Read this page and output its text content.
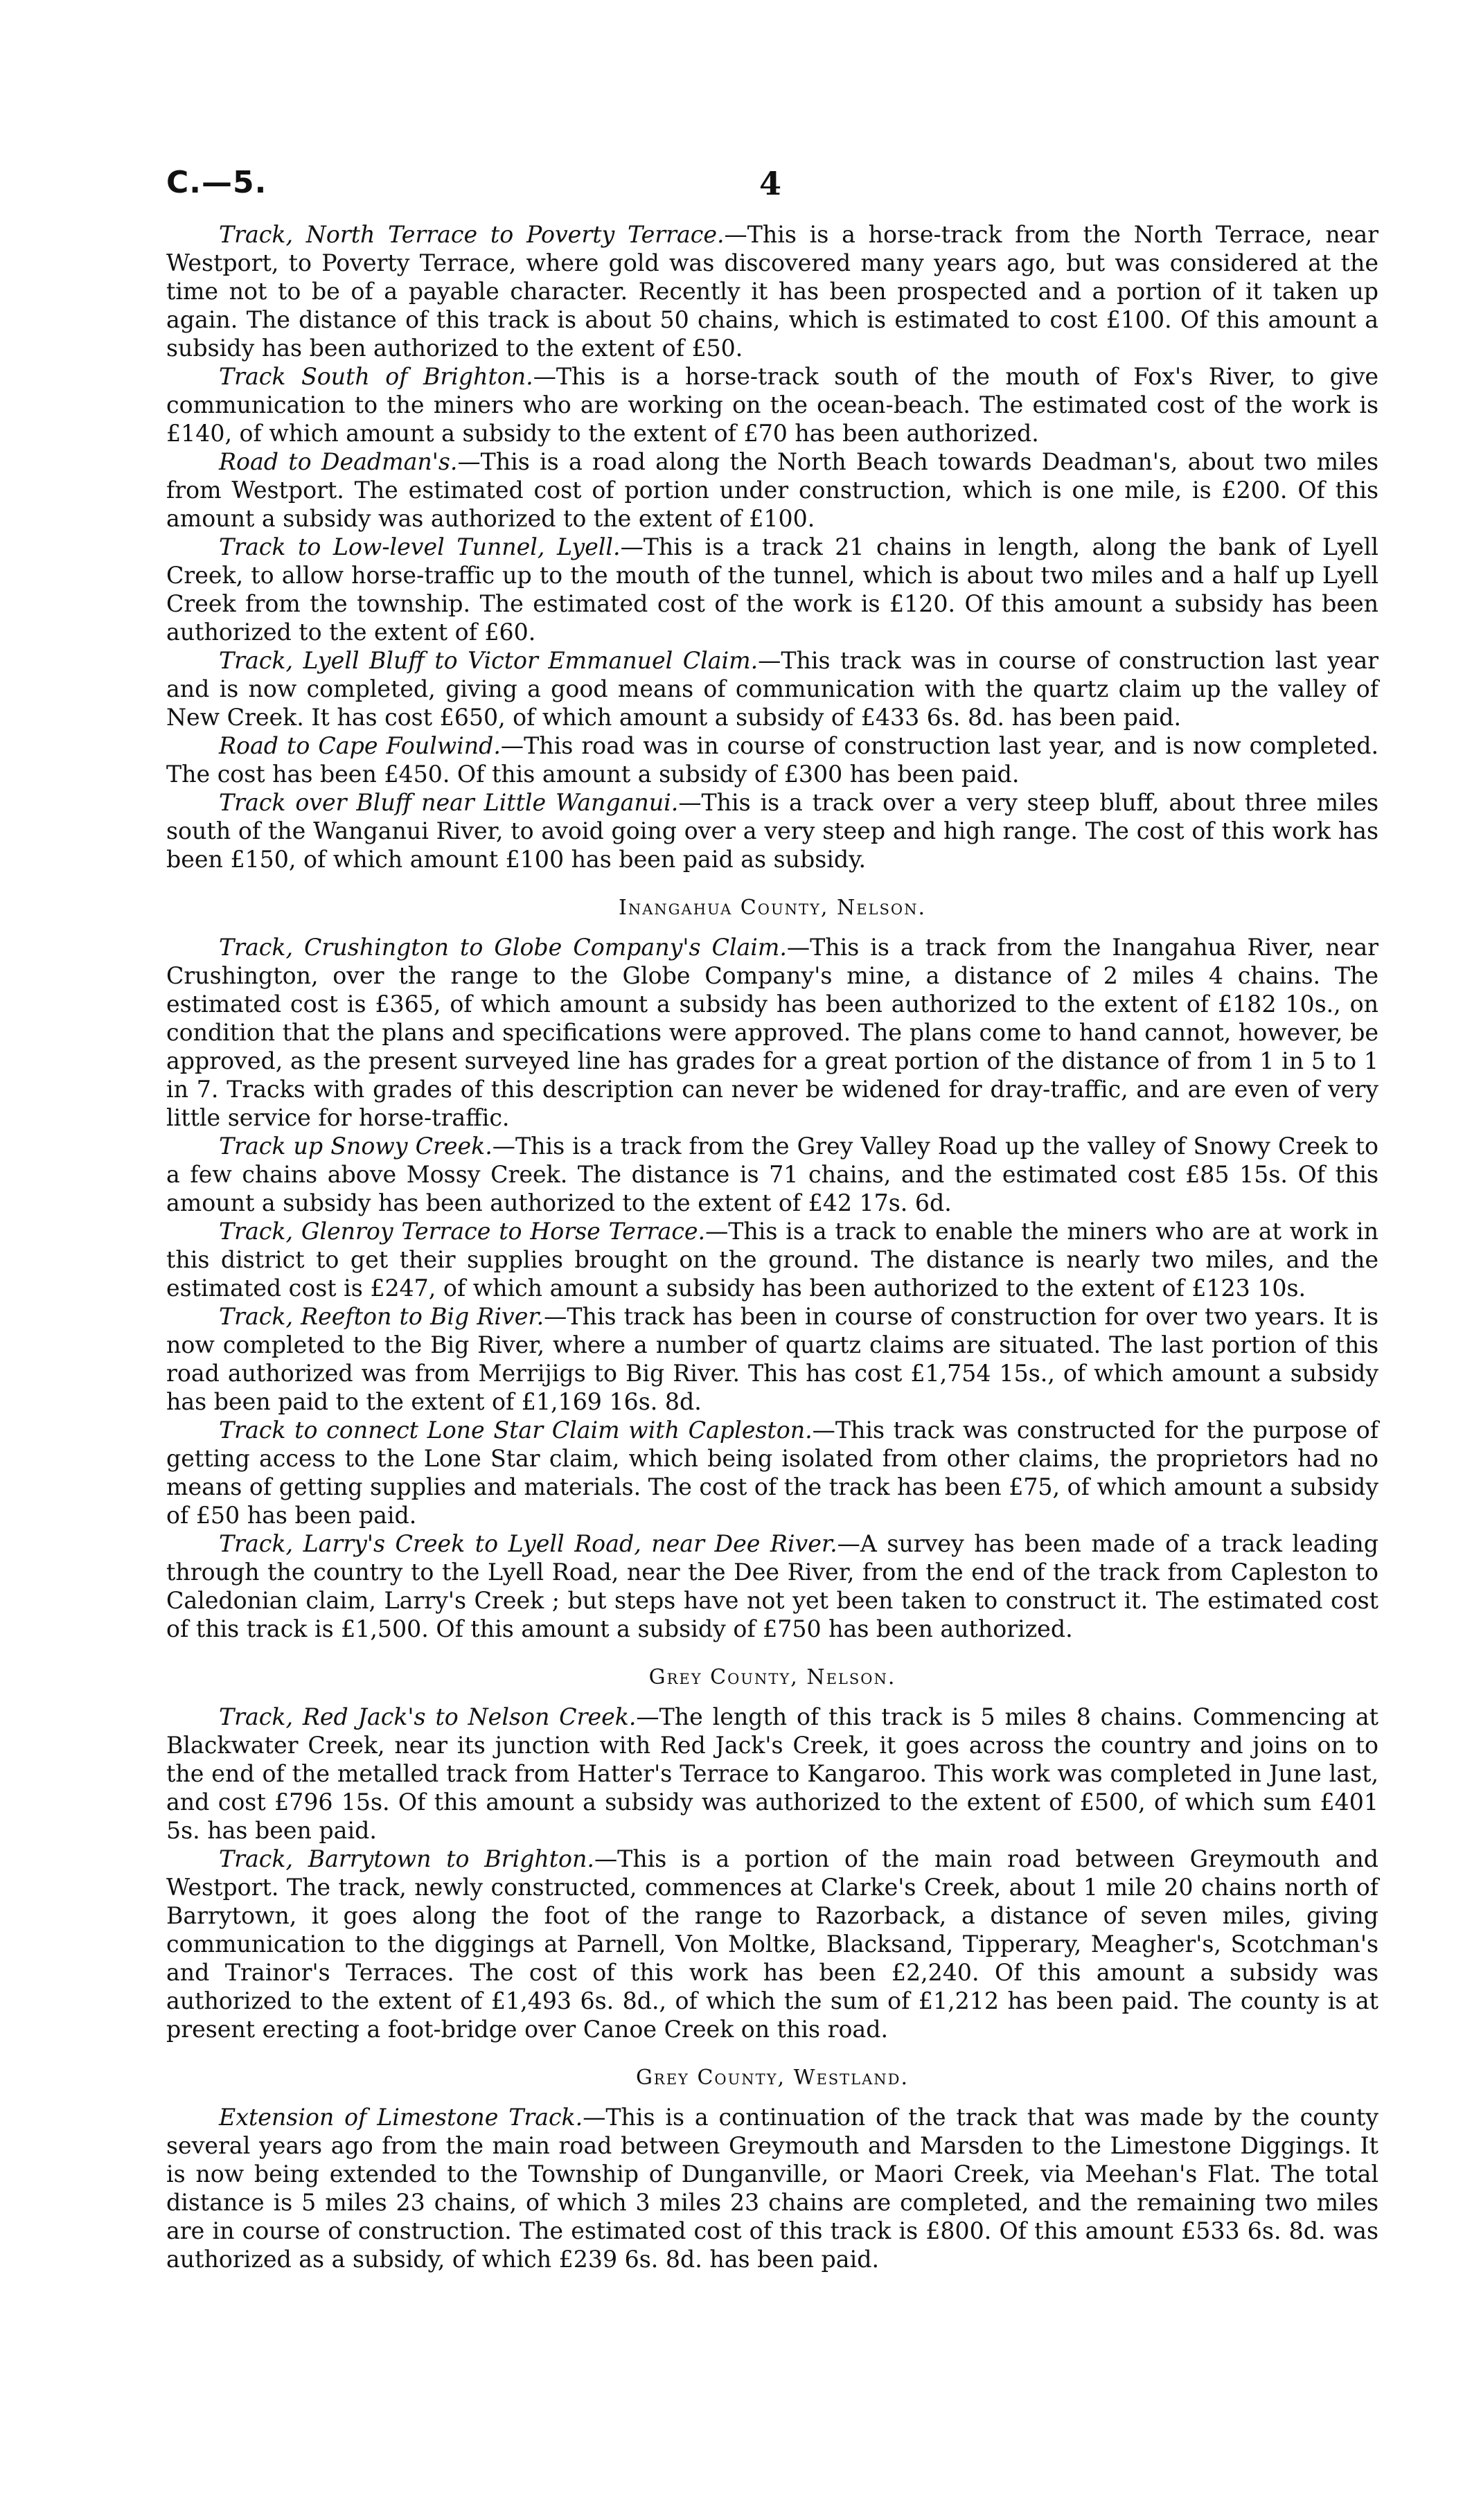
C.—5.	4

Track, North Terrace to Poverty Terrace.—This is a horse-track from the North Terrace, near Westport, to Poverty Terrace, where gold was discovered many years ago, but was considered at the time not to be of a payable character. Recently it has been prospected and a portion of it taken up again. The distance of this track is about 50 chains, which is estimated to cost £100. Of this amount a subsidy has been authorized to the extent of £50.

Track South of Brighton.—This is a horse-track south of the mouth of Fox's River, to give communication to the miners who are working on the ocean-beach. The estimated cost of the work is £140, of which amount a subsidy to the extent of £70 has been authorized.

Road to Deadman's.—This is a road along the North Beach towards Deadman's, about two miles from Westport. The estimated cost of portion under construction, which is one mile, is £200. Of this amount a subsidy was authorized to the extent of £100.

Track to Low-level Tunnel, Lyell.—This is a track 21 chains in length, along the bank of Lyell Creek, to allow horse-traffic up to the mouth of the tunnel, which is about two miles and a half up Lyell Creek from the township. The estimated cost of the work is £120. Of this amount a subsidy has been authorized to the extent of £60.

Track, Lyell Bluff to Victor Emmanuel Claim.—This track was in course of construction last year and is now completed, giving a good means of communication with the quartz claim up the valley of New Creek. It has cost £650, of which amount a subsidy of £433 6s. 8d. has been paid.

Road to Cape Foulwind.—This road was in course of construction last year, and is now completed. The cost has been £450. Of this amount a subsidy of £300 has been paid.

Track over Bluff near Little Wanganui.—This is a track over a very steep bluff, about three miles south of the Wanganui River, to avoid going over a very steep and high range. The cost of this work has been £150, of which amount £100 has been paid as subsidy.

Inangahua County, Nelson.

Track, Crushington to Globe Company's Claim.—This is a track from the Inangahua River, near Crushington, over the range to the Globe Company's mine, a distance of 2 miles 4 chains. The estimated cost is £365, of which amount a subsidy has been authorized to the extent of £182 10s., on condition that the plans and specifications were approved. The plans come to hand cannot, however, be approved, as the present surveyed line has grades for a great portion of the distance of from 1 in 5 to 1 in 7. Tracks with grades of this description can never be widened for dray-traffic, and are even of very little service for horse-traffic.

Track up Snowy Creek.—This is a track from the Grey Valley Road up the valley of Snowy Creek to a few chains above Mossy Creek. The distance is 71 chains, and the estimated cost £85 15s. Of this amount a subsidy has been authorized to the extent of £42 17s. 6d.

Track, Glenroy Terrace to Horse Terrace.—This is a track to enable the miners who are at work in this district to get their supplies brought on the ground. The distance is nearly two miles, and the estimated cost is £247, of which amount a subsidy has been authorized to the extent of £123 10s.

Track, Reefton to Big River.—This track has been in course of construction for over two years. It is now completed to the Big River, where a number of quartz claims are situated. The last portion of this road authorized was from Merrijigs to Big River. This has cost £1,754 15s., of which amount a subsidy has been paid to the extent of £1,169 16s. 8d.

Track to connect Lone Star Claim with Capleston.—This track was constructed for the purpose of getting access to the Lone Star claim, which being isolated from other claims, the proprietors had no means of getting supplies and materials. The cost of the track has been £75, of which amount a subsidy of £50 has been paid.

Track, Larry's Creek to Lyell Road, near Dee River.—A survey has been made of a track leading through the country to the Lyell Road, near the Dee River, from the end of the track from Capleston to Caledonian claim, Larry's Creek ; but steps have not yet been taken to construct it. The estimated cost of this track is £1,500. Of this amount a subsidy of £750 has been authorized.

Grey County, Nelson.

Track, Red Jack's to Nelson Creek.—The length of this track is 5 miles 8 chains. Commencing at Blackwater Creek, near its junction with Red Jack's Creek, it goes across the country and joins on to the end of the metalled track from Hatter's Terrace to Kangaroo. This work was completed in June last, and cost £796 15s. Of this amount a subsidy was authorized to the extent of £500, of which sum £401 5s. has been paid.

Track, Barrytown to Brighton.—This is a portion of the main road between Greymouth and Westport. The track, newly constructed, commences at Clarke's Creek, about 1 mile 20 chains north of Barrytown, it goes along the foot of the range to Razorback, a distance of seven miles, giving communication to the diggings at Parnell, Von Moltke, Blacksand, Tipperary, Meagher's, Scotchman's and Trainor's Terraces. The cost of this work has been £2,240. Of this amount a subsidy was authorized to the extent of £1,493 6s. 8d., of which the sum of £1,212 has been paid. The county is at present erecting a foot-bridge over Canoe Creek on this road.

Grey County, Westland.

Extension of Limestone Track.—This is a continuation of the track that was made by the county several years ago from the main road between Greymouth and Marsden to the Limestone Diggings. It is now being extended to the Township of Dunganville, or Maori Creek, via Meehan's Flat. The total distance is 5 miles 23 chains, of which 3 miles 23 chains are completed, and the remaining two miles are in course of construction. The estimated cost of this track is £800. Of this amount £533 6s. 8d. was authorized as a subsidy, of which £239 6s. 8d. has been paid.
